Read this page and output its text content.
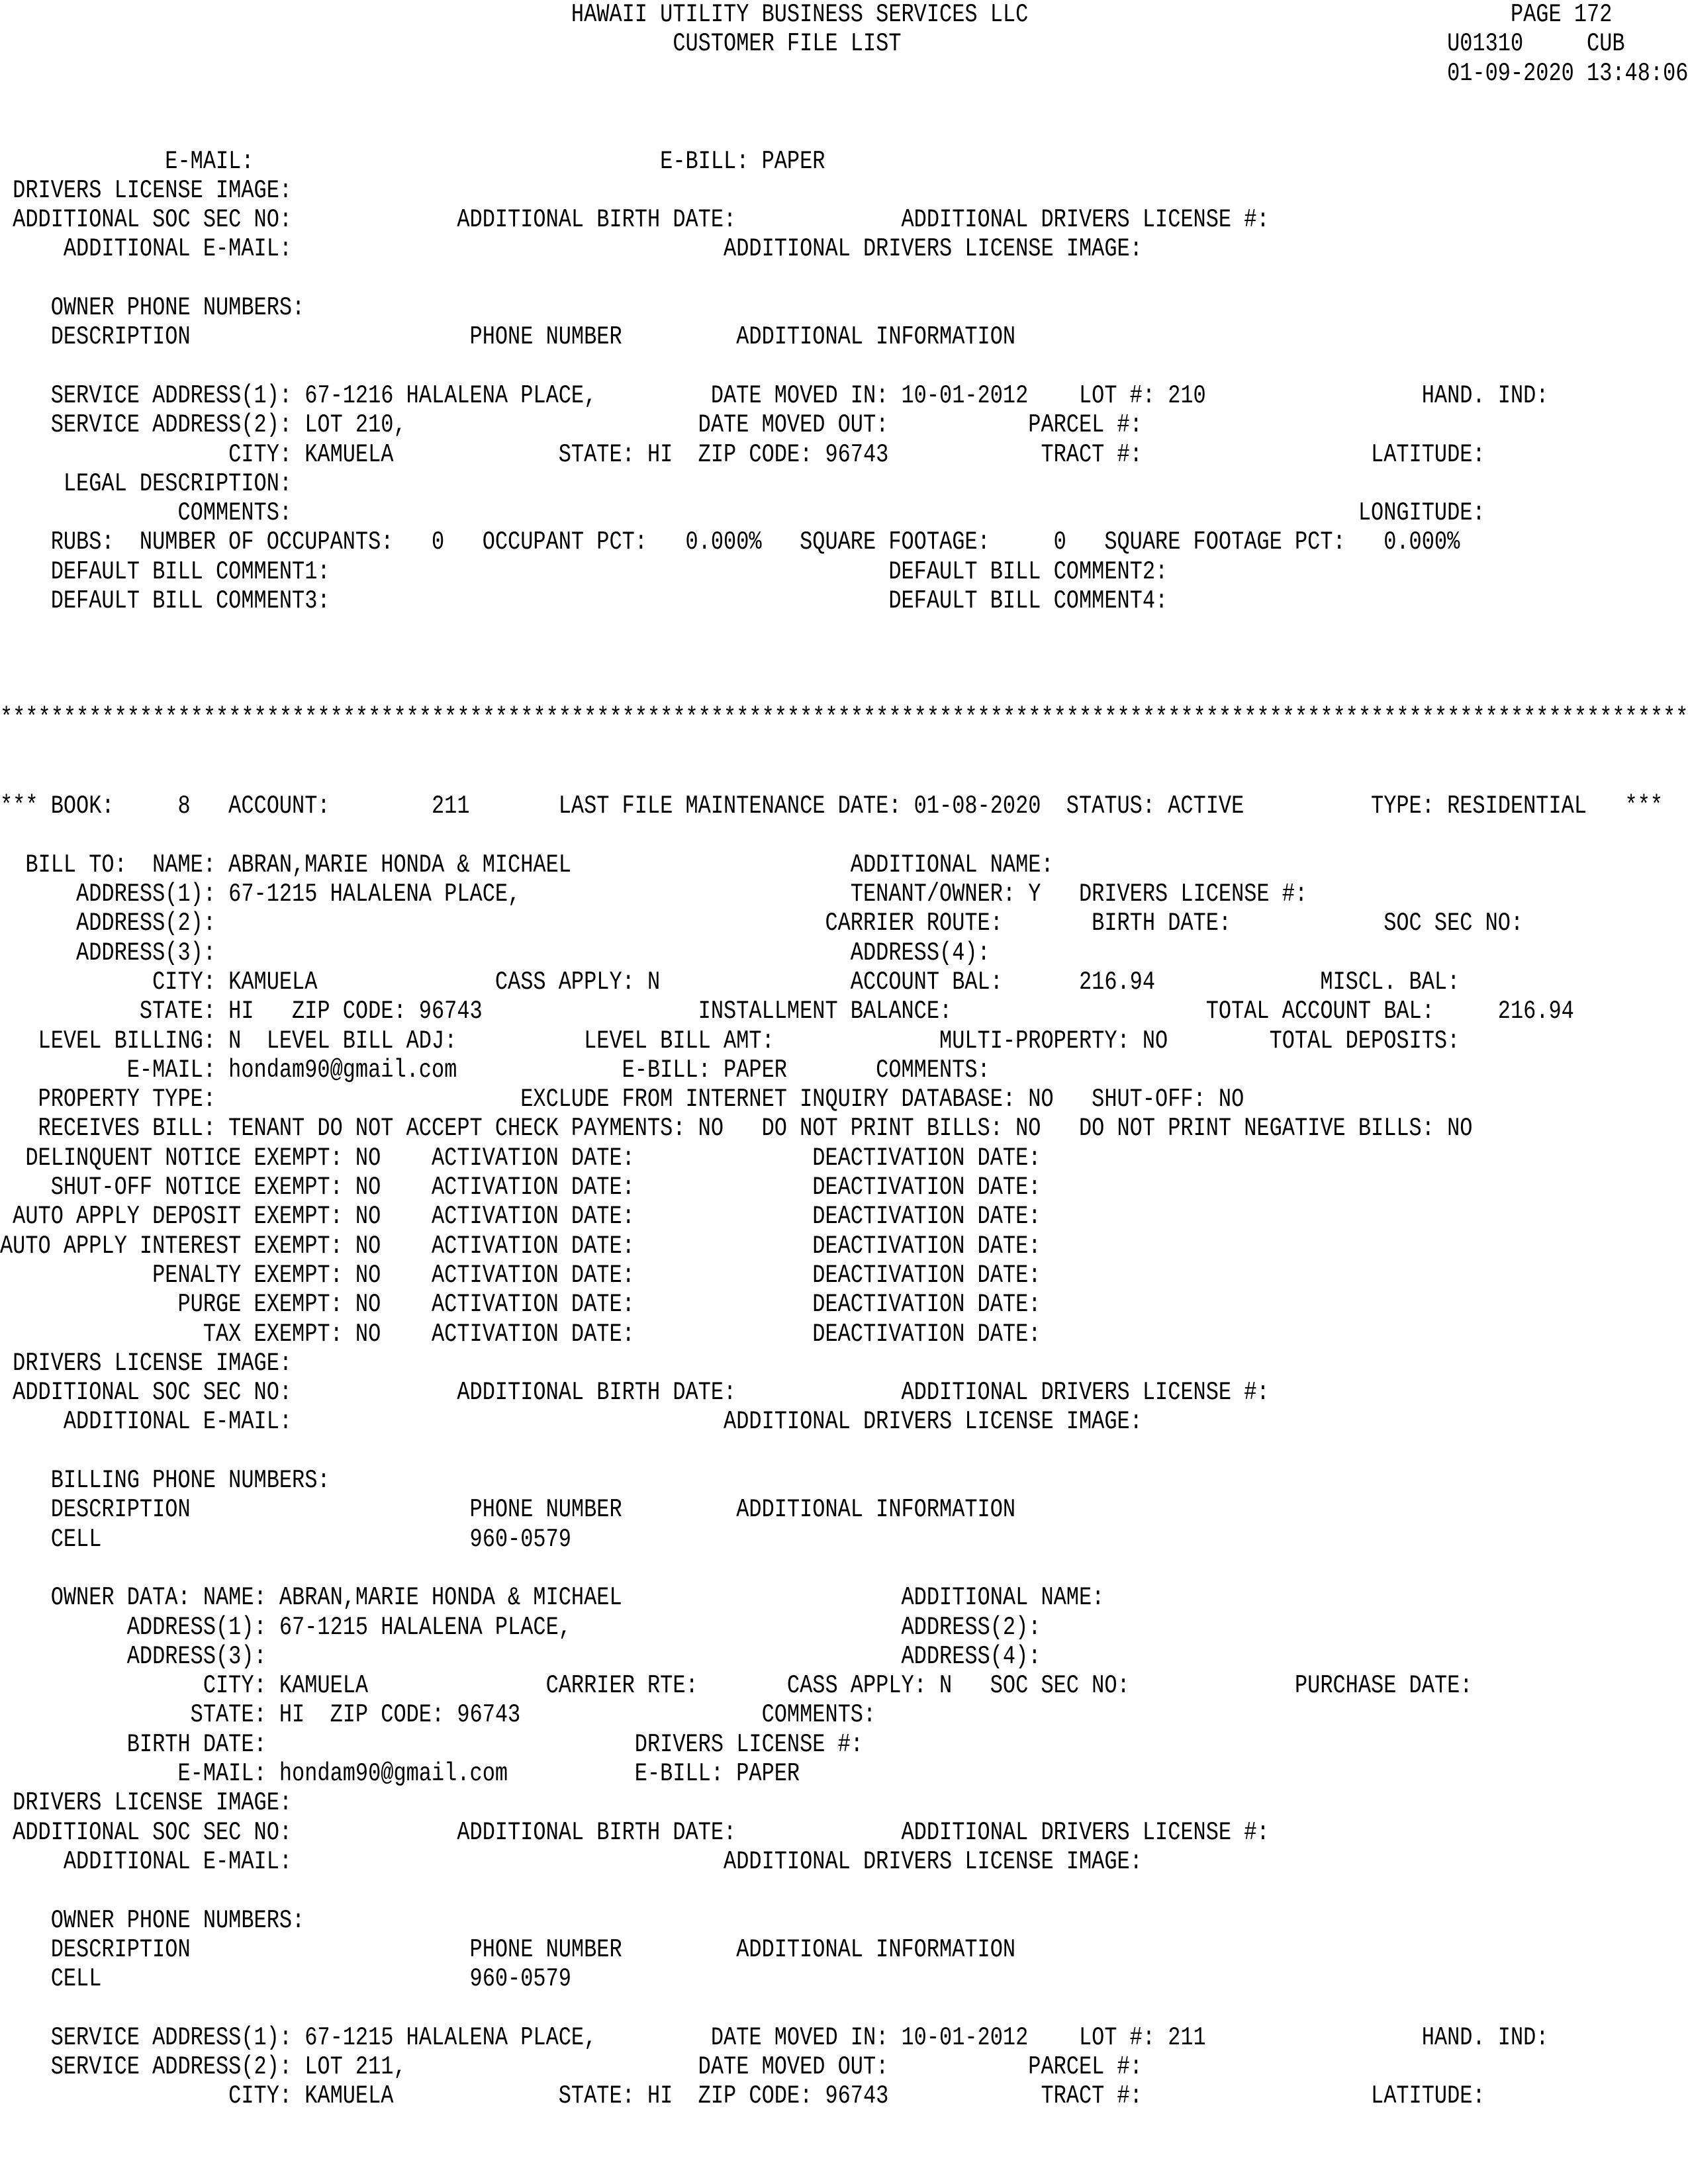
HAWAII UTILITY BUSINESS SERVICES LLC                                      PAGE 172
CUSTOMER FILE LIST                                           U01310     CUB
01-09-2020 13:48:06
E-MAIL:                                E-BILL: PAPER
DRIVERS LICENSE IMAGE:
ADDITIONAL SOC SEC NO:             ADDITIONAL BIRTH DATE:             ADDITIONAL DRIVERS LICENSE #:
ADDITIONAL E-MAIL:                                  ADDITIONAL DRIVERS LICENSE IMAGE:
OWNER PHONE NUMBERS:
DESCRIPTION                      PHONE NUMBER         ADDITIONAL INFORMATION
SERVICE ADDRESS(1): 67-1216 HALALENA PLACE,         DATE MOVED IN: 10-01-2012    LOT #: 210                 HAND. IND:
SERVICE ADDRESS(2): LOT 210,                       DATE MOVED OUT:           PARCEL #:
CITY: KAMUELA             STATE: HI  ZIP CODE: 96743            TRACT #:                  LATITUDE:
LEGAL DESCRIPTION:
COMMENTS:                                                                                    LONGITUDE:
RUBS:  NUMBER OF OCCUPANTS:   0   OCCUPANT PCT:   0.000%   SQUARE FOOTAGE:     0   SQUARE FOOTAGE PCT:   0.000%
DEFAULT BILL COMMENT1:                                            DEFAULT BILL COMMENT2:
DEFAULT BILL COMMENT3:                                            DEFAULT BILL COMMENT4:
*************************************************************************************************************************************
*** BOOK:     8   ACCOUNT:        211       LAST FILE MAINTENANCE DATE: 01-08-2020  STATUS: ACTIVE          TYPE: RESIDENTIAL   ***
BILL TO:  NAME: ABRAN,MARIE HONDA & MICHAEL                      ADDITIONAL NAME:
ADDRESS(1): 67-1215 HALALENA PLACE,                          TENANT/OWNER: Y   DRIVERS LICENSE #:
ADDRESS(2):                                                CARRIER ROUTE:       BIRTH DATE:            SOC SEC NO:
ADDRESS(3):                                                  ADDRESS(4):
CITY: KAMUELA              CASS APPLY: N               ACCOUNT BAL:      216.94             MISCL. BAL:
STATE: HI   ZIP CODE: 96743                 INSTALLMENT BALANCE:                    TOTAL ACCOUNT BAL:     216.94
LEVEL BILLING: N  LEVEL BILL ADJ:          LEVEL BILL AMT:             MULTI-PROPERTY: NO        TOTAL DEPOSITS:
E-MAIL: hondam90@gmail.com             E-BILL: PAPER       COMMENTS:
PROPERTY TYPE:                        EXCLUDE FROM INTERNET INQUIRY DATABASE: NO   SHUT-OFF: NO
RECEIVES BILL: TENANT DO NOT ACCEPT CHECK PAYMENTS: NO   DO NOT PRINT BILLS: NO   DO NOT PRINT NEGATIVE BILLS: NO
DELINQUENT NOTICE EXEMPT: NO    ACTIVATION DATE:              DEACTIVATION DATE:
SHUT-OFF NOTICE EXEMPT: NO    ACTIVATION DATE:              DEACTIVATION DATE:
AUTO APPLY DEPOSIT EXEMPT: NO    ACTIVATION DATE:              DEACTIVATION DATE:
AUTO APPLY INTEREST EXEMPT: NO    ACTIVATION DATE:              DEACTIVATION DATE:
PENALTY EXEMPT: NO    ACTIVATION DATE:              DEACTIVATION DATE:
PURGE EXEMPT: NO    ACTIVATION DATE:              DEACTIVATION DATE:
TAX EXEMPT: NO    ACTIVATION DATE:              DEACTIVATION DATE:
DRIVERS LICENSE IMAGE:
ADDITIONAL SOC SEC NO:             ADDITIONAL BIRTH DATE:             ADDITIONAL DRIVERS LICENSE #:
ADDITIONAL E-MAIL:                                  ADDITIONAL DRIVERS LICENSE IMAGE:
BILLING PHONE NUMBERS:
DESCRIPTION                      PHONE NUMBER         ADDITIONAL INFORMATION
CELL                             960-0579
OWNER DATA: NAME: ABRAN,MARIE HONDA & MICHAEL                      ADDITIONAL NAME:
ADDRESS(1): 67-1215 HALALENA PLACE,                          ADDRESS(2):
ADDRESS(3):                                                  ADDRESS(4):
CITY: KAMUELA              CARRIER RTE:       CASS APPLY: N   SOC SEC NO:             PURCHASE DATE:
STATE: HI  ZIP CODE: 96743                   COMMENTS:
BIRTH DATE:                             DRIVERS LICENSE #:
E-MAIL: hondam90@gmail.com          E-BILL: PAPER
DRIVERS LICENSE IMAGE:
ADDITIONAL SOC SEC NO:             ADDITIONAL BIRTH DATE:             ADDITIONAL DRIVERS LICENSE #:
ADDITIONAL E-MAIL:                                  ADDITIONAL DRIVERS LICENSE IMAGE:
OWNER PHONE NUMBERS:
DESCRIPTION                      PHONE NUMBER         ADDITIONAL INFORMATION
CELL                             960-0579
SERVICE ADDRESS(1): 67-1215 HALALENA PLACE,         DATE MOVED IN: 10-01-2012    LOT #: 211                 HAND. IND:
SERVICE ADDRESS(2): LOT 211,                       DATE MOVED OUT:           PARCEL #:
CITY: KAMUELA             STATE: HI  ZIP CODE: 96743            TRACT #:                  LATITUDE:
